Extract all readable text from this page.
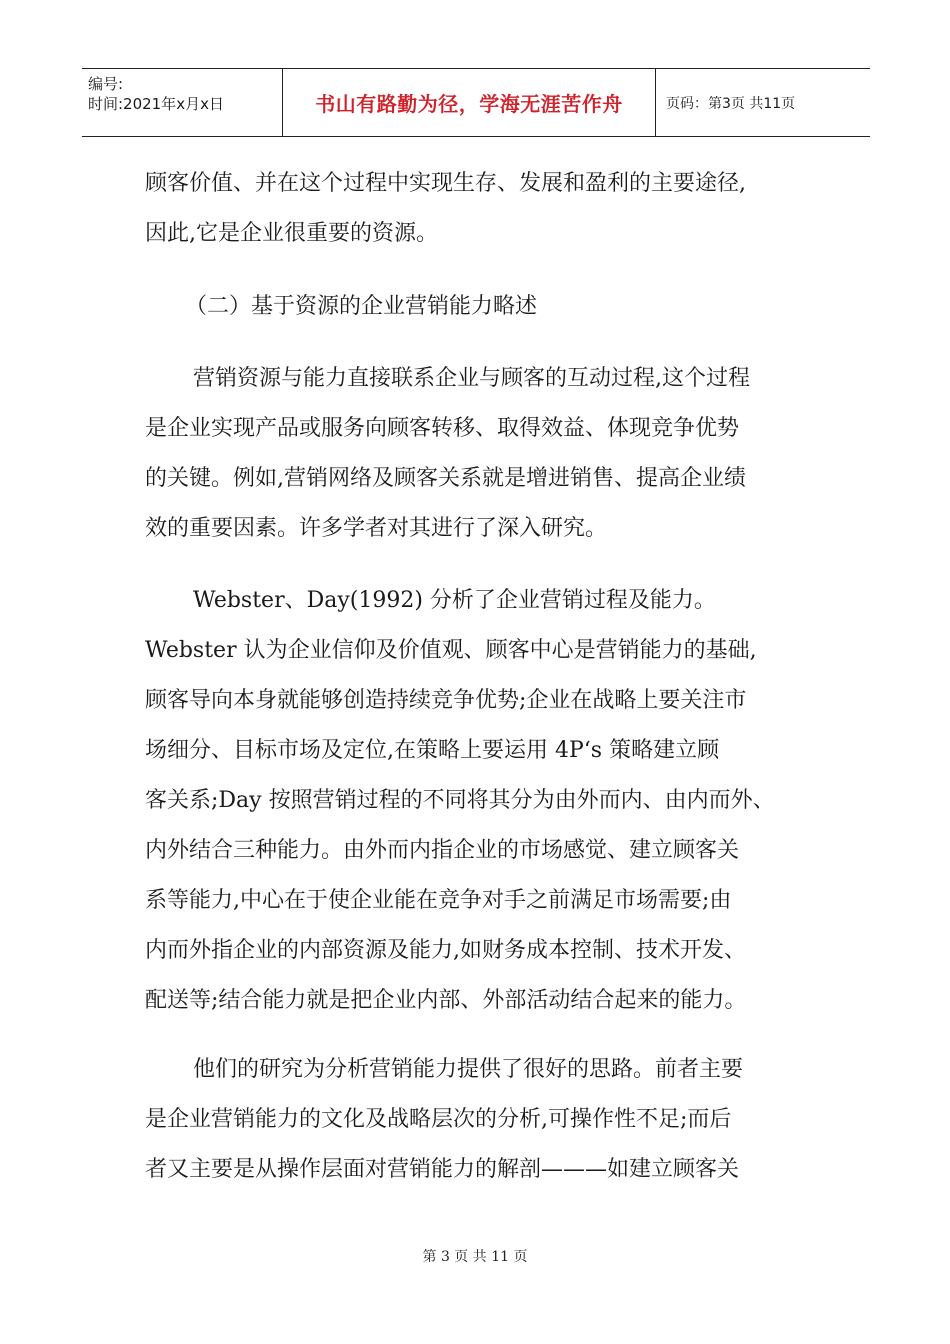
编号:
时间:2021年x月x日	书山有路勤为径，学海无涯苦作舟	页码：第3页 共11页
顾客价值、并在这个过程中实现生存、发展和盈利的主要途径,
因此,它是企业很重要的资源。
（二）基于资源的企业营销能力略述
营销资源与能力直接联系企业与顾客的互动过程,这个过程
是企业实现产品或服务向顾客转移、取得效益、体现竞争优势
的关键。例如,营销网络及顾客关系就是增进销售、提高企业绩
效的重要因素。许多学者对其进行了深入研究。
Webster、Day(1992) 分析了企业营销过程及能力。
Webster 认为企业信仰及价值观、顾客中心是营销能力的基础,
顾客导向本身就能够创造持续竞争优势;企业在战略上要关注市
场细分、目标市场及定位,在策略上要运用 4P‘s 策略建立顾
客关系;Day 按照营销过程的不同将其分为由外而内、由内而外、
内外结合三种能力。由外而内指企业的市场感觉、建立顾客关
系等能力,中心在于使企业能在竞争对手之前满足市场需要;由
内而外指企业的内部资源及能力,如财务成本控制、技术开发、
配送等;结合能力就是把企业内部、外部活动结合起来的能力。
他们的研究为分析营销能力提供了很好的思路。前者主要
是企业营销能力的文化及战略层次的分析,可操作性不足;而后
者又主要是从操作层面对营销能力的解剖———如建立顾客关
第 3 页 共 11 页
